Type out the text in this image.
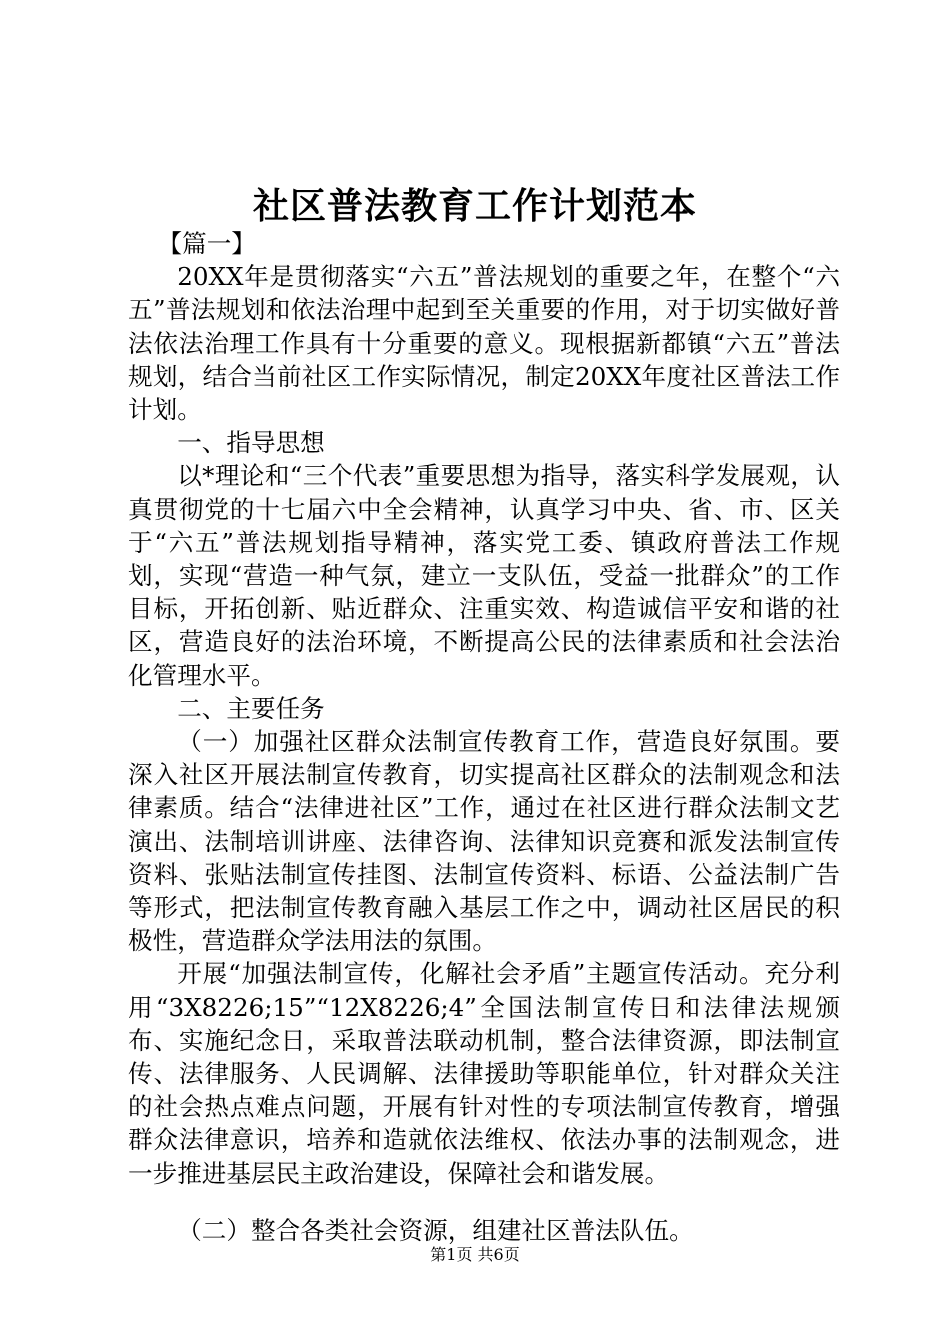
社区普法教育工作计划范本

【篇一】

20XX年是贯彻落实“六五”普法规划的重要之年，在整个“六五”普法规划和依法治理中起到至关重要的作用，对于切实做好普法依法治理工作具有十分重要的意义。现根据新都镇“六五”普法规划，结合当前社区工作实际情况，制定20XX年度社区普法工作计划。

一、指导思想

以*理论和“三个代表”重要思想为指导，落实科学发展观，认真贯彻党的十七届六中全会精神，认真学习中央、省、市、区关于“六五”普法规划指导精神，落实党工委、镇政府普法工作规划，实现“营造一种气氛，建立一支队伍，受益一批群众”的工作目标，开拓创新、贴近群众、注重实效、构造诚信平安和谐的社区，营造良好的法治环境，不断提高公民的法律素质和社会法治化管理水平。

二、主要任务

（一）加强社区群众法制宣传教育工作，营造良好氛围。要深入社区开展法制宣传教育，切实提高社区群众的法制观念和法律素质。结合“法律进社区”工作，通过在社区进行群众法制文艺演出、法制培训讲座、法律咨询、法律知识竞赛和派发法制宣传资料、张贴法制宣传挂图、法制宣传资料、标语、公益法制广告等形式，把法制宣传教育融入基层工作之中，调动社区居民的积极性，营造群众学法用法的氛围。

开展“加强法制宣传，化解社会矛盾”主题宣传活动。充分利用“3X8226;15”“12X8226;4”全国法制宣传日和法律法规颁布、实施纪念日，采取普法联动机制，整合法律资源，即法制宣传、法律服务、人民调解、法律援助等职能单位，针对群众关注的社会热点难点问题，开展有针对性的专项法制宣传教育，增强群众法律意识，培养和造就依法维权、依法办事的法制观念，进一步推进基层民主政治建设，保障社会和谐发展。

（二）整合各类社会资源，组建社区普法队伍。

第1页 共6页
